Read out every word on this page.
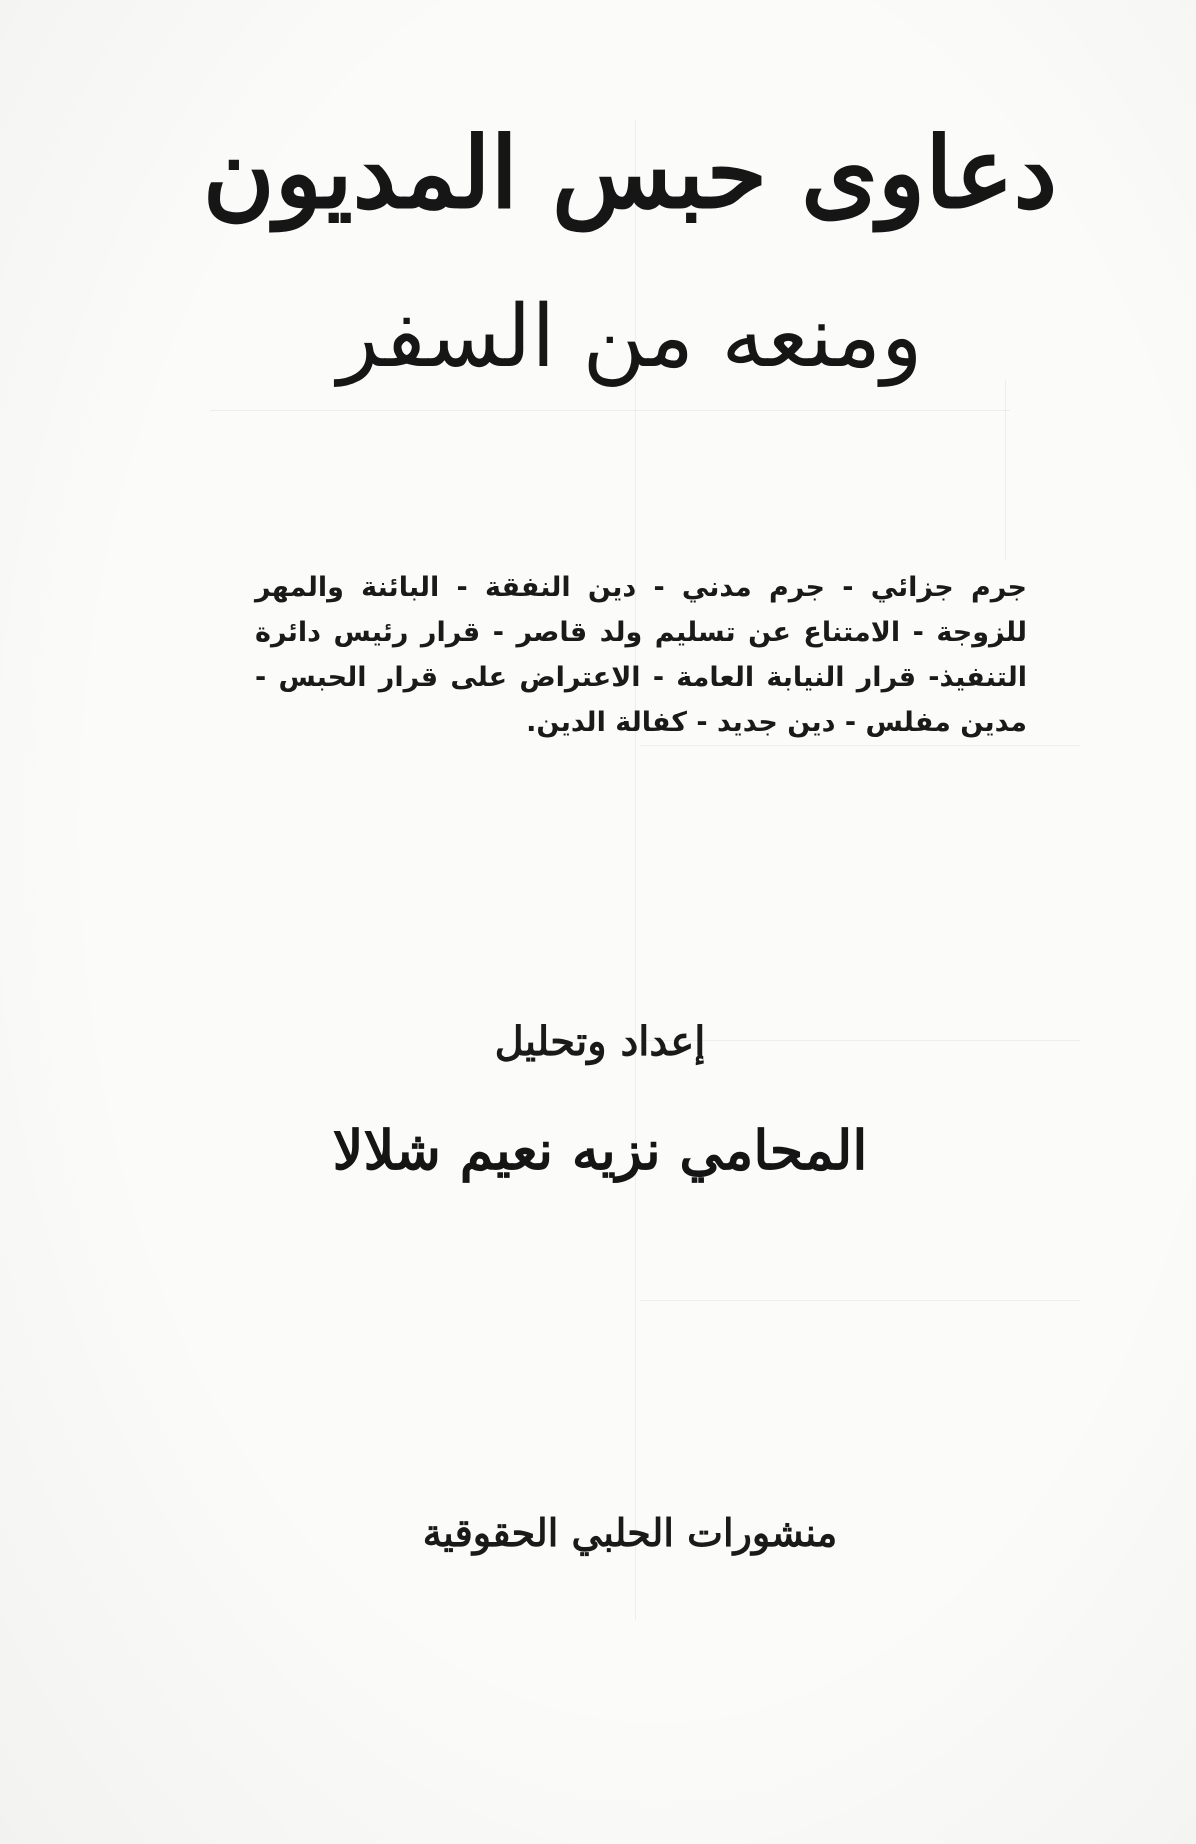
دعاوى حبس المديون
ومنعه من السفر
جرم جزائي - جرم مدني - دين النفقة - البائنة والمهر للزوجة - الامتناع عن تسليم ولد قاصر - قرار رئيس دائرة التنفيذ- قرار النيابة العامة - الاعتراض على قرار الحبس - مدين مفلس - دين جديد - كفالة الدين.
إعداد وتحليل
المحامي نزيه نعيم شلالا
منشورات الحلبي الحقوقية
